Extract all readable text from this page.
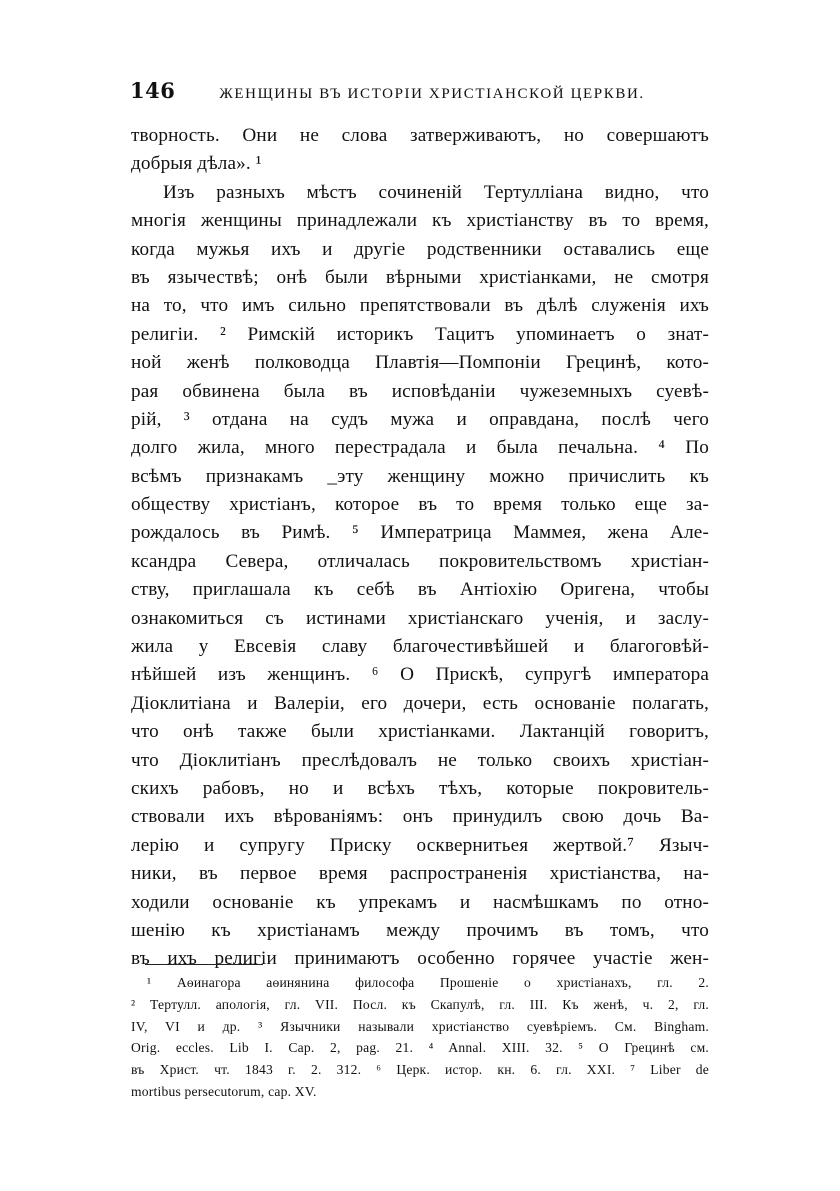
146	ЖЕНЩИНЫ ВЪ ИСТОРІИ ХРИСТІАНСКОЙ ЦЕРКВИ.
творность. Они не слова затверживаютъ, но совершаютъ
добрыя дѣла». ¹
Изъ разныхъ мѣстъ сочиненій Тертулліана видно, что
многія женщины принадлежали къ христіанству въ то время,
когда мужья ихъ и другіе родственники оставались еще
въ язычествѣ; онѣ были вѣрными христіанками, не смотря
на то, что имъ сильно препятствовали въ дѣлѣ служенія ихъ
религіи. ² Римскій историкъ Тацитъ упоминаетъ о знат-
ной женѣ полководца Плавтія—Помпоніи Грецинѣ, кото-
рая обвинена была въ исповѣданіи чужеземныхъ суевѣ-
рій, ³ отдана на судъ мужа и оправдана, послѣ чего
долго жила, много перестрадала и была печальна. ⁴ По
всѣмъ признакамъ _эту женщину можно причислить къ
обществу христіанъ, которое въ то время только еще за-
рождалось въ Римѣ. ⁵ Императрица Маммея, жена Але-
ксандра Севера, отличалась покровительствомъ христіан-
ству, приглашала къ себѣ въ Антіохію Оригена, чтобы
ознакомиться съ истинами христіанскаго ученія, и заслу-
жила у Евсевія славу благочестивѣйшей и благоговѣй-
нѣйшей изъ женщинъ. ⁶ О Прискѣ, супругѣ императора
Діоклитіана и Валеріи, его дочери, есть основаніе полагать,
что онѣ также были христіанками. Лактанцій говоритъ,
что Діоклитіанъ преслѣдовалъ не только своихъ христіан-
скихъ рабовъ, но и всѣхъ тѣхъ, которые покровитель-
ствовали ихъ вѣрованіямъ: онъ принудилъ свою дочь Ва-
лерію и супругу Приску осквернитьея жертвой.⁷ Языч-
ники, въ первое время распространенія христіанства, на-
ходили основаніе къ упрекамъ и насмѣшкамъ по отно-
шенію къ христіанамъ между прочимъ въ томъ, что
въ ихъ религіи принимаютъ особенно горячее участіе жен-
¹ Аѳинагора аѳинянина философа Прошеніе о христіанахъ, гл. 2.
² Тертулл. апологія, гл. VII. Посл. къ Скапулѣ, гл. III. Къ женѣ, ч. 2, гл.
IV, VI и др. ³ Язычники называли христіанство суевѣріемъ. См. Bingham.
Orig. eccles. Lib I. Cap. 2, pag. 21. ⁴ Annal. XIII. 32. ⁵ О Грецинѣ см.
въ Христ. чт. 1843 г. 2. 312. ⁶ Церк. истор. кн. 6. гл. XXI. ⁷ Liber de
mortibus persecutorum, cap. XV.
